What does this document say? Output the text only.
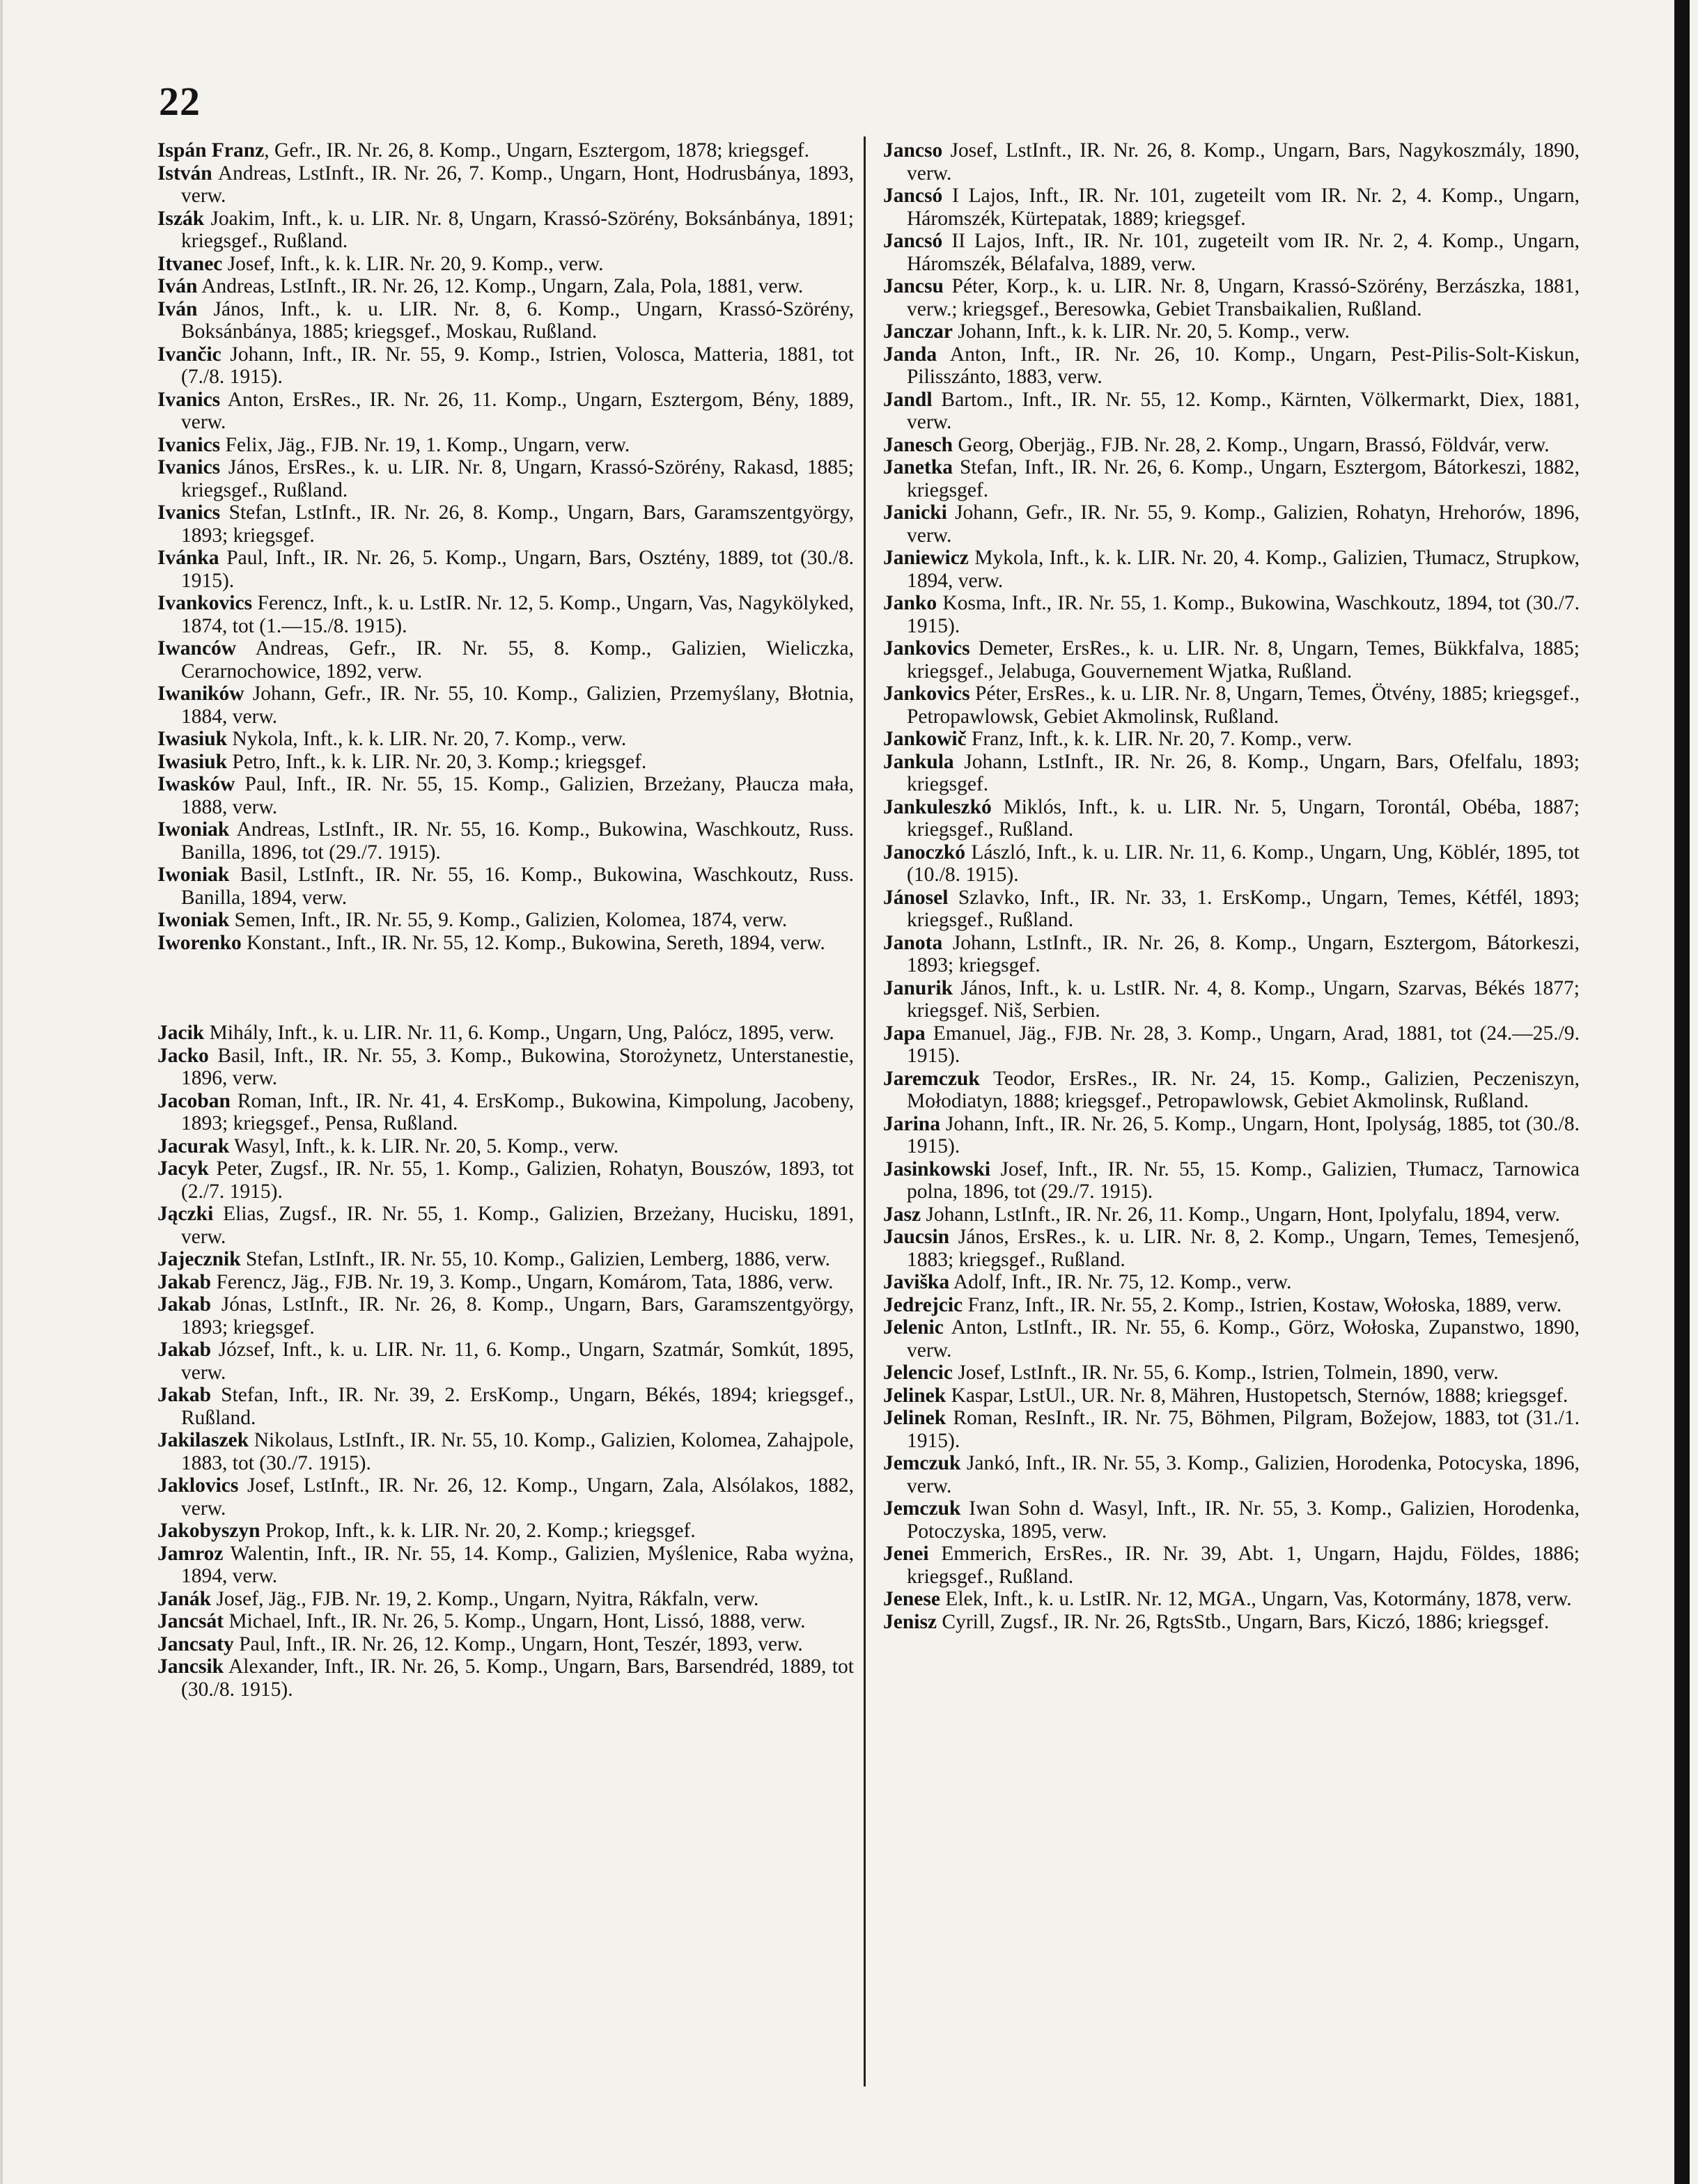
22

Ispán Franz, Gefr., IR. Nr. 26, 8. Komp., Ungarn, Esztergom, 1878; kriegsgef.

István Andreas, LstInft., IR. Nr. 26, 7. Komp., Ungarn, Hont, Hodrusbánya, 1893, verw.

Iszák Joakim, Inft., k. u. LIR. Nr. 8, Ungarn, Krassó-Szörény, Boksánbánya, 1891; kriegsgef., Rußland.

Itvanec Josef, Inft., k. k. LIR. Nr. 20, 9. Komp., verw.

Iván Andreas, LstInft., IR. Nr. 26, 12. Komp., Ungarn, Zala, Pola, 1881, verw.

Iván János, Inft., k. u. LIR. Nr. 8, 6. Komp., Ungarn, Krassó-Szörény, Boksánbánya, 1885; kriegsgef., Moskau, Rußland.

Ivančic Johann, Inft., IR. Nr. 55, 9. Komp., Istrien, Volosca, Matteria, 1881, tot (7./8. 1915).

Ivanics Anton, ErsRes., IR. Nr. 26, 11. Komp., Ungarn, Esztergom, Bény, 1889, verw.

Ivanics Felix, Jäg., FJB. Nr. 19, 1. Komp., Ungarn, verw.

Ivanics János, ErsRes., k. u. LIR. Nr. 8, Ungarn, Krassó-Szörény, Rakasd, 1885; kriegsgef., Rußland.

Ivanics Stefan, LstInft., IR. Nr. 26, 8. Komp., Ungarn, Bars, Garamszentgyörgy, 1893; kriegsgef.

Ivánka Paul, Inft., IR. Nr. 26, 5. Komp., Ungarn, Bars, Osztény, 1889, tot (30./8. 1915).

Ivankovics Ferencz, Inft., k. u. LstIR. Nr. 12, 5. Komp., Ungarn, Vas, Nagykölyked, 1874, tot (1.—15./8. 1915).

Iwanców Andreas, Gefr., IR. Nr. 55, 8. Komp., Galizien, Wieliczka, Cerarnochowice, 1892, verw.

Iwaników Johann, Gefr., IR. Nr. 55, 10. Komp., Galizien, Przemyślany, Błotnia, 1884, verw.

Iwasiuk Nykola, Inft., k. k. LIR. Nr. 20, 7. Komp., verw.

Iwasiuk Petro, Inft., k. k. LIR. Nr. 20, 3. Komp.; kriegsgef.

Iwasków Paul, Inft., IR. Nr. 55, 15. Komp., Galizien, Brzeżany, Płaucza mała, 1888, verw.

Iwoniak Andreas, LstInft., IR. Nr. 55, 16. Komp., Bukowina, Waschkoutz, Russ. Banilla, 1896, tot (29./7. 1915).

Iwoniak Basil, LstInft., IR. Nr. 55, 16. Komp., Bukowina, Waschkoutz, Russ. Banilla, 1894, verw.

Iwoniak Semen, Inft., IR. Nr. 55, 9. Komp., Galizien, Kolomea, 1874, verw.

Iworenko Konstant., Inft., IR. Nr. 55, 12. Komp., Bukowina, Sereth, 1894, verw.

Jacik Mihály, Inft., k. u. LIR. Nr. 11, 6. Komp., Ungarn, Ung, Palócz, 1895, verw.

Jacko Basil, Inft., IR. Nr. 55, 3. Komp., Bukowina, Storożynetz, Unterstanestie, 1896, verw.

Jacoban Roman, Inft., IR. Nr. 41, 4. ErsKomp., Bukowina, Kimpolung, Jacobeny, 1893; kriegsgef., Pensa, Rußland.

Jacurak Wasyl, Inft., k. k. LIR. Nr. 20, 5. Komp., verw.

Jacyk Peter, Zugsf., IR. Nr. 55, 1. Komp., Galizien, Rohatyn, Bouszów, 1893, tot (2./7. 1915).

Jączki Elias, Zugsf., IR. Nr. 55, 1. Komp., Galizien, Brzeżany, Hucisku, 1891, verw.

Jajecznik Stefan, LstInft., IR. Nr. 55, 10. Komp., Galizien, Lemberg, 1886, verw.

Jakab Ferencz, Jäg., FJB. Nr. 19, 3. Komp., Ungarn, Komárom, Tata, 1886, verw.

Jakab Jónas, LstInft., IR. Nr. 26, 8. Komp., Ungarn, Bars, Garamszentgyörgy, 1893; kriegsgef.

Jakab József, Inft., k. u. LIR. Nr. 11, 6. Komp., Ungarn, Szatmár, Somkút, 1895, verw.

Jakab Stefan, Inft., IR. Nr. 39, 2. ErsKomp., Ungarn, Békés, 1894; kriegsgef., Rußland.

Jakilaszek Nikolaus, LstInft., IR. Nr. 55, 10. Komp., Galizien, Kolomea, Zahajpole, 1883, tot (30./7. 1915).

Jaklovics Josef, LstInft., IR. Nr. 26, 12. Komp., Ungarn, Zala, Alsólakos, 1882, verw.

Jakobyszyn Prokop, Inft., k. k. LIR. Nr. 20, 2. Komp.; kriegsgef.

Jamroz Walentin, Inft., IR. Nr. 55, 14. Komp., Galizien, Myślenice, Raba wyżna, 1894, verw.

Janák Josef, Jäg., FJB. Nr. 19, 2. Komp., Ungarn, Nyitra, Rákfaln, verw.

Jancsát Michael, Inft., IR. Nr. 26, 5. Komp., Ungarn, Hont, Lissó, 1888, verw.

Jancsaty Paul, Inft., IR. Nr. 26, 12. Komp., Ungarn, Hont, Teszér, 1893, verw.

Jancsik Alexander, Inft., IR. Nr. 26, 5. Komp., Ungarn, Bars, Barsendréd, 1889, tot (30./8. 1915).

Jancso Josef, LstInft., IR. Nr. 26, 8. Komp., Ungarn, Bars, Nagykoszmály, 1890, verw.

Jancsó I Lajos, Inft., IR. Nr. 101, zugeteilt vom IR. Nr. 2, 4. Komp., Ungarn, Háromszék, Kürtepatak, 1889; kriegsgef.

Jancsó II Lajos, Inft., IR. Nr. 101, zugeteilt vom IR. Nr. 2, 4. Komp., Ungarn, Háromszék, Bélafalva, 1889, verw.

Jancsu Péter, Korp., k. u. LIR. Nr. 8, Ungarn, Krassó-Szörény, Berzászka, 1881, verw.; kriegsgef., Beresowka, Gebiet Transbaikalien, Rußland.

Janczar Johann, Inft., k. k. LIR. Nr. 20, 5. Komp., verw.

Janda Anton, Inft., IR. Nr. 26, 10. Komp., Ungarn, Pest-Pilis-Solt-Kiskun, Pilisszánto, 1883, verw.

Jandl Bartom., Inft., IR. Nr. 55, 12. Komp., Kärnten, Völkermarkt, Diex, 1881, verw.

Janesch Georg, Oberjäg., FJB. Nr. 28, 2. Komp., Ungarn, Brassó, Földvár, verw.

Janetka Stefan, Inft., IR. Nr. 26, 6. Komp., Ungarn, Esztergom, Bátorkeszi, 1882, kriegsgef.

Janicki Johann, Gefr., IR. Nr. 55, 9. Komp., Galizien, Rohatyn, Hrehorów, 1896, verw.

Janiewicz Mykola, Inft., k. k. LIR. Nr. 20, 4. Komp., Galizien, Tłumacz, Strupkow, 1894, verw.

Janko Kosma, Inft., IR. Nr. 55, 1. Komp., Bukowina, Waschkoutz, 1894, tot (30./7. 1915).

Jankovics Demeter, ErsRes., k. u. LIR. Nr. 8, Ungarn, Temes, Bükkfalva, 1885; kriegsgef., Jelabuga, Gouvernement Wjatka, Rußland.

Jankovics Péter, ErsRes., k. u. LIR. Nr. 8, Ungarn, Temes, Ötvény, 1885; kriegsgef., Petropawlowsk, Gebiet Akmolinsk, Rußland.

Jankowič Franz, Inft., k. k. LIR. Nr. 20, 7. Komp., verw.

Jankula Johann, LstInft., IR. Nr. 26, 8. Komp., Ungarn, Bars, Ofelfalu, 1893; kriegsgef.

Jankuleszkó Miklós, Inft., k. u. LIR. Nr. 5, Ungarn, Torontál, Obéba, 1887; kriegsgef., Rußland.

Janoczkó László, Inft., k. u. LIR. Nr. 11, 6. Komp., Ungarn, Ung, Köblér, 1895, tot (10./8. 1915).

Jánosel Szlavko, Inft., IR. Nr. 33, 1. ErsKomp., Ungarn, Temes, Kétfél, 1893; kriegsgef., Rußland.

Janota Johann, LstInft., IR. Nr. 26, 8. Komp., Ungarn, Esztergom, Bátorkeszi, 1893; kriegsgef.

Janurik János, Inft., k. u. LstIR. Nr. 4, 8. Komp., Ungarn, Szarvas, Békés 1877; kriegsgef. Niš, Serbien.

Japa Emanuel, Jäg., FJB. Nr. 28, 3. Komp., Ungarn, Arad, 1881, tot (24.—25./9. 1915).

Jaremczuk Teodor, ErsRes., IR. Nr. 24, 15. Komp., Galizien, Peczeniszyn, Mołodiatyn, 1888; kriegsgef., Petropawlowsk, Gebiet Akmolinsk, Rußland.

Jarina Johann, Inft., IR. Nr. 26, 5. Komp., Ungarn, Hont, Ipolyság, 1885, tot (30./8. 1915).

Jasinkowski Josef, Inft., IR. Nr. 55, 15. Komp., Galizien, Tłumacz, Tarnowica polna, 1896, tot (29./7. 1915).

Jasz Johann, LstInft., IR. Nr. 26, 11. Komp., Ungarn, Hont, Ipolyfalu, 1894, verw.

Jaucsin János, ErsRes., k. u. LIR. Nr. 8, 2. Komp., Ungarn, Temes, Temesjenő, 1883; kriegsgef., Rußland.

Javiška Adolf, Inft., IR. Nr. 75, 12. Komp., verw.

Jedrejcic Franz, Inft., IR. Nr. 55, 2. Komp., Istrien, Kostaw, Wołoska, 1889, verw.

Jelenic Anton, LstInft., IR. Nr. 55, 6. Komp., Görz, Wołoska, Zupanstwo, 1890, verw.

Jelencic Josef, LstInft., IR. Nr. 55, 6. Komp., Istrien, Tolmein, 1890, verw.

Jelinek Kaspar, LstUl., UR. Nr. 8, Mähren, Hustopetsch, Sternów, 1888; kriegsgef.

Jelinek Roman, ResInft., IR. Nr. 75, Böhmen, Pilgram, Božejow, 1883, tot (31./1. 1915).

Jemczuk Jankó, Inft., IR. Nr. 55, 3. Komp., Galizien, Horodenka, Potocyska, 1896, verw.

Jemczuk Iwan Sohn d. Wasyl, Inft., IR. Nr. 55, 3. Komp., Galizien, Horodenka, Potoczyska, 1895, verw.

Jenei Emmerich, ErsRes., IR. Nr. 39, Abt. 1, Ungarn, Hajdu, Földes, 1886; kriegsgef., Rußland.

Jenese Elek, Inft., k. u. LstIR. Nr. 12, MGA., Ungarn, Vas, Kotormány, 1878, verw.

Jenisz Cyrill, Zugsf., IR. Nr. 26, RgtsStb., Ungarn, Bars, Kiczó, 1886; kriegsgef.
